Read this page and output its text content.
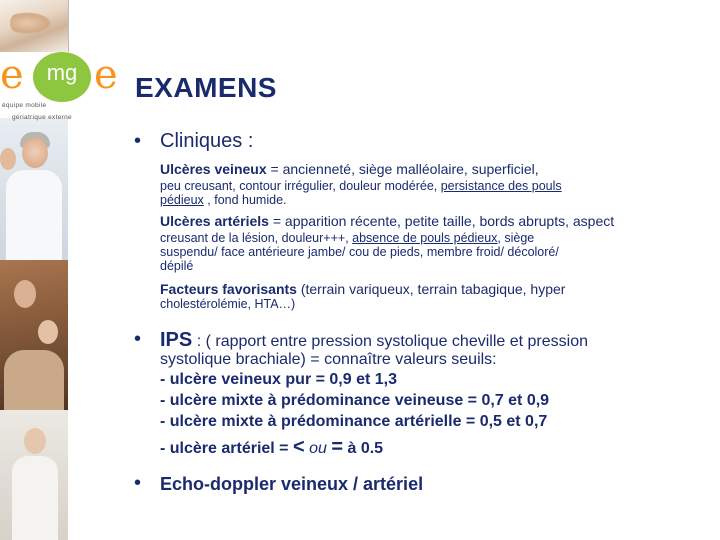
e	mg e
équipe mobile
gériatrique externe
EXAMENS
• Cliniques :
Ulcères veineux = ancienneté, siège malléolaire, superficiel,
peu creusant, contour irrégulier, douleur modérée, persistance des pouls
pédieux , fond humide.
Ulcères artériels = apparition récente, petite taille, bords abrupts, aspect
creusant de la lésion, douleur+++, absence de pouls pédieux, siège
suspendu/ face antérieure jambe/ cou de pieds, membre froid/ décoloré/
dépilé
Facteurs favorisants (terrain variqueux, terrain tabagique, hyper
cholestérolémie, HTA…)
• IPS : ( rapport entre pression systolique cheville et pression
systolique brachiale) = connaître valeurs seuils:
- ulcère veineux pur = 0,9 et 1,3
- ulcère mixte à prédominance veineuse = 0,7 et 0,9
- ulcère mixte à prédominance artérielle = 0,5 et 0,7
- ulcère artériel = < ou = à 0.5
• Echo-doppler veineux / artériel
